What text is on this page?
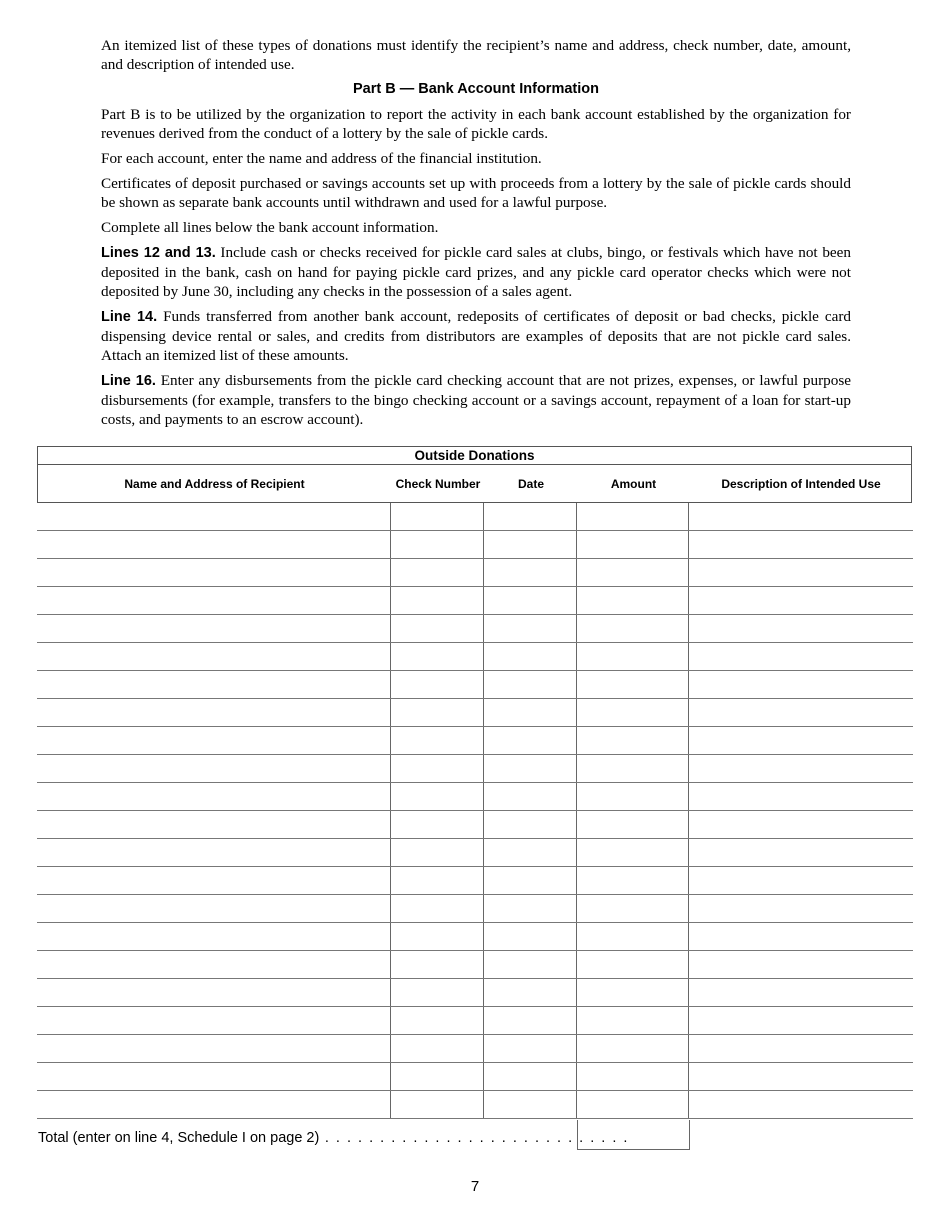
An itemized list of these types of donations must identify the recipient’s name and address, check number, date, amount, and description of intended use.

Part B — Bank Account Information

Part B is to be utilized by the organization to report the activity in each bank account established by the organization for revenues derived from the conduct of a lottery by the sale of pickle cards.

For each account, enter the name and address of the financial institution.

Certificates of deposit purchased or savings accounts set up with proceeds from a lottery by the sale of pickle cards should be shown as separate bank accounts until withdrawn and used for a lawful purpose.

Complete all lines below the bank account information.

Lines 12 and 13. Include cash or checks received for pickle card sales at clubs, bingo, or festivals which have not been deposited in the bank, cash on hand for paying pickle card prizes, and any pickle card operator checks which were not deposited by June 30, including any checks in the possession of a sales agent.

Line 14. Funds transferred from another bank account, redeposits of certificates of deposit or bad checks, pickle card dispensing device rental or sales, and credits from distributors are examples of deposits that are not pickle card sales. Attach an itemized list of these amounts.

Line 16. Enter any disbursements from the pickle card checking account that are not prizes, expenses, or lawful purpose disbursements (for example, transfers to the bingo checking account or a savings account, repayment of a loan for start-up costs, and payments to an escrow account).

Outside Donations
Name and Address of Recipient	Check Number	Date	Amount	Description of Intended Use
Total (enter on line 4, Schedule I on page 2) . . . . . . . . . . . . . . . . . . . . . . . . . . . .
7
